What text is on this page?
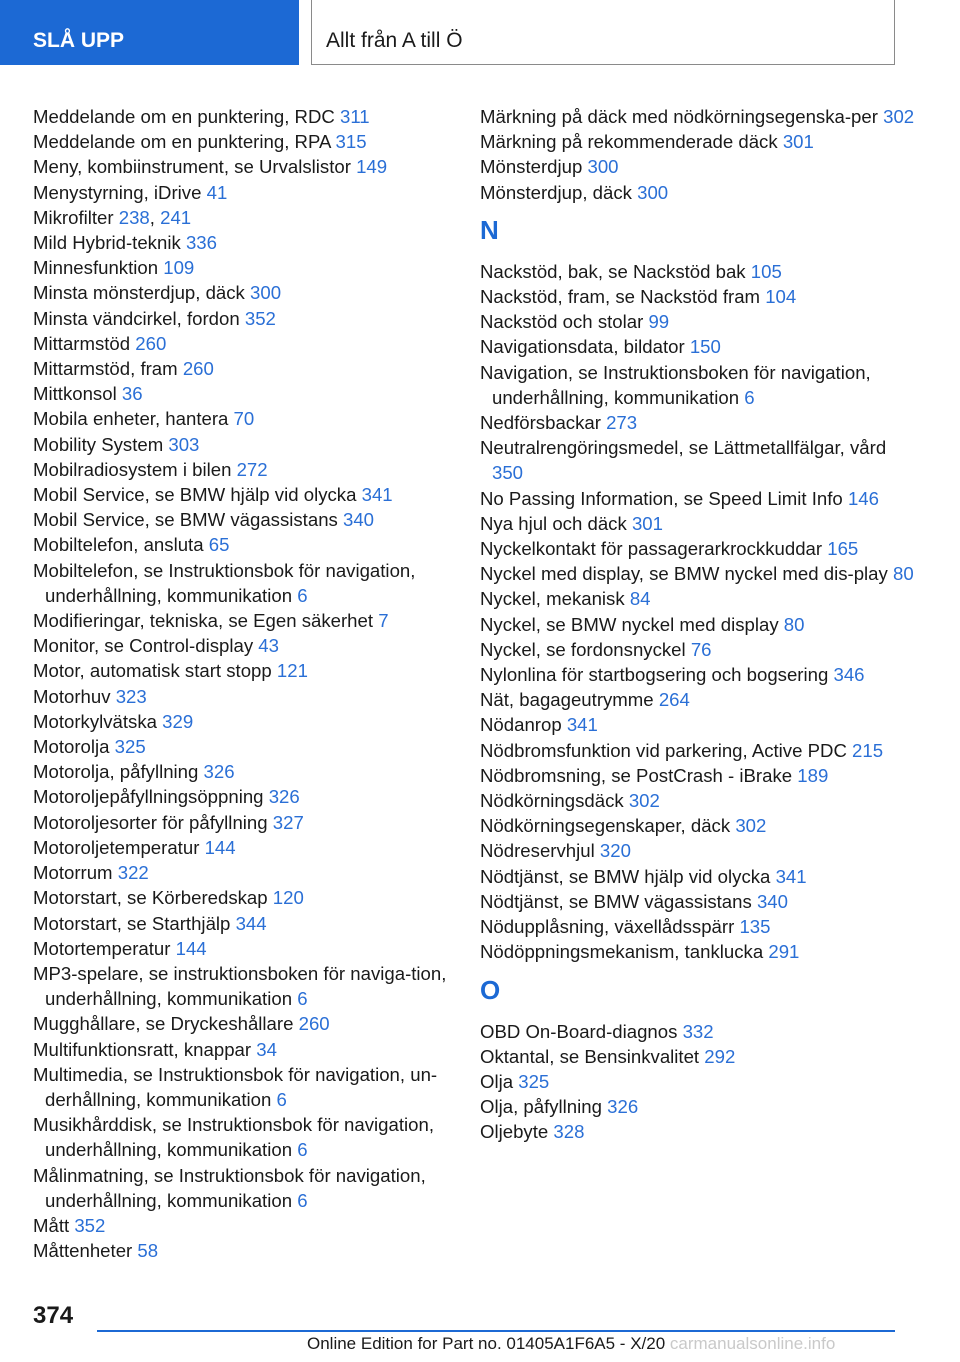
SLÅ UPP	Allt från A till Ö
Meddelande om en punktering, RDC 311
Meddelande om en punktering, RPA 315
Meny, kombiinstrument, se Urvalslistor 149
Menystyrning, iDrive 41
Mikrofilter 238, 241
Mild Hybrid-teknik 336
Minnesfunktion 109
Minsta mönsterdjup, däck 300
Minsta vändcirkel, fordon 352
Mittarmstöd 260
Mittarmstöd, fram 260
Mittkonsol 36
Mobila enheter, hantera 70
Mobility System 303
Mobilradiosystem i bilen 272
Mobil Service, se BMW hjälp vid olycka 341
Mobil Service, se BMW vägassistans 340
Mobiltelefon, ansluta 65
Mobiltelefon, se Instruktionsbok för navigation, underhållning, kommunikation 6
Modifieringar, tekniska, se Egen säkerhet 7
Monitor, se Control-display 43
Motor, automatisk start stopp 121
Motorhuv 323
Motorkylvätska 329
Motorolja 325
Motorolja, påfyllning 326
Motoroljepåfyllningsöppning 326
Motoroljesorter för påfyllning 327
Motoroljetemperatur 144
Motorrum 322
Motorstart, se Körberedskap 120
Motorstart, se Starthjälp 344
Motortemperatur 144
MP3-spelare, se instruktionsboken för naviga-tion, underhållning, kommunikation 6
Mugghållare, se Dryckeshållare 260
Multifunktionsratt, knappar 34
Multimedia, se Instruktionsbok för navigation, un-derhållning, kommunikation 6
Musikhårddisk, se Instruktionsbok för navigation, underhållning, kommunikation 6
Målinmatning, se Instruktionsbok för navigation, underhållning, kommunikation 6
Mått 352
Måttenheter 58
Märkning på däck med nödkörningsegenska-per 302
Märkning på rekommenderade däck 301
Mönsterdjup 300
Mönsterdjup, däck 300
N
Nackstöd, bak, se Nackstöd bak 105
Nackstöd, fram, se Nackstöd fram 104
Nackstöd och stolar 99
Navigationsdata, bildator 150
Navigation, se Instruktionsboken för navigation, underhållning, kommunikation 6
Nedförsbackar 273
Neutralrengöringsmedel, se Lättmetallfälgar, vård 350
No Passing Information, se Speed Limit Info 146
Nya hjul och däck 301
Nyckelkontakt för passagerarkrockkuddar 165
Nyckel med display, se BMW nyckel med dis-play 80
Nyckel, mekanisk 84
Nyckel, se BMW nyckel med display 80
Nyckel, se fordonsnyckel 76
Nylonlina för startbogsering och bogsering 346
Nät, bagageutrymme 264
Nödanrop 341
Nödbromsfunktion vid parkering, Active PDC 215
Nödbromsning, se PostCrash - iBrake 189
Nödkörningsdäck 302
Nödkörningsegenskaper, däck 302
Nödreservhjul 320
Nödtjänst, se BMW hjälp vid olycka 341
Nödtjänst, se BMW vägassistans 340
Nödupplåsning, växellådsspärr 135
Nödöppningsmekanism, tanklucka 291
O
OBD On-Board-diagnos 332
Oktantal, se Bensinkvalitet 292
Olja 325
Olja, påfyllning 326
Oljebyte 328
374
Online Edition for Part no. 01405A1F6A5 - X/20 carmanualsonline.info
